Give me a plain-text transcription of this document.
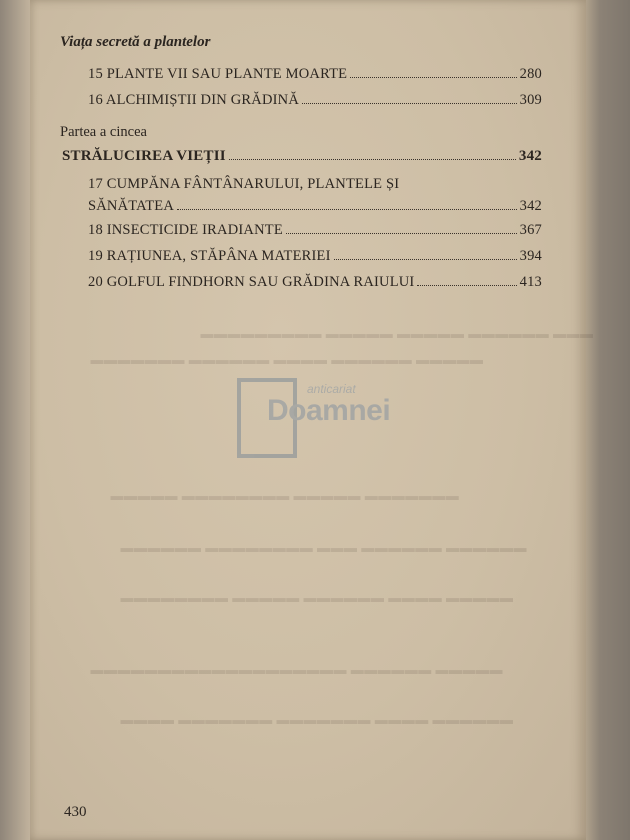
▬▬▬ ▬▬▬▬▬▬ ▬▬▬▬▬ ▬▬▬▬▬ ▬▬▬▬▬▬▬▬▬
▬▬▬▬▬ ▬▬▬▬▬▬ ▬▬▬▬ ▬▬▬▬▬▬ ▬▬▬▬▬▬▬
▬▬▬▬▬▬▬ ▬▬▬▬▬ ▬▬▬▬▬▬▬▬ ▬▬▬▬▬
▬▬▬▬▬▬ ▬▬▬▬▬▬ ▬▬▬ ▬▬▬▬▬▬▬▬ ▬▬▬▬▬▬
▬▬▬▬▬ ▬▬▬▬ ▬▬▬▬▬▬ ▬▬▬▬▬ ▬▬▬▬▬▬▬▬
▬▬▬▬▬ ▬▬▬▬▬▬ ▬▬▬▬▬▬▬▬▬▬▬▬▬▬▬▬▬▬▬
▬▬▬▬▬▬ ▬▬▬▬ ▬▬▬▬▬▬▬ ▬▬▬▬▬▬▬ ▬▬▬▬
Viața secretă a plantelor
15 PLANTE VII SAU PLANTE MOARTE	280
16 ALCHIMIȘTII DIN GRĂDINĂ	309
Partea a cincea
STRĂLUCIREA VIEȚII	342
17 CUMPĂNA FÂNTÂNARULUI, PLANTELE ȘI
SĂNĂTATEA	342
18 INSECTICIDE IRADIANTE	367
19 RAȚIUNEA, STĂPÂNA MATERIEI	394
20 GOLFUL FINDHORN SAU GRĂDINA RAIULUI	413
anticariat
Doamnei
430
